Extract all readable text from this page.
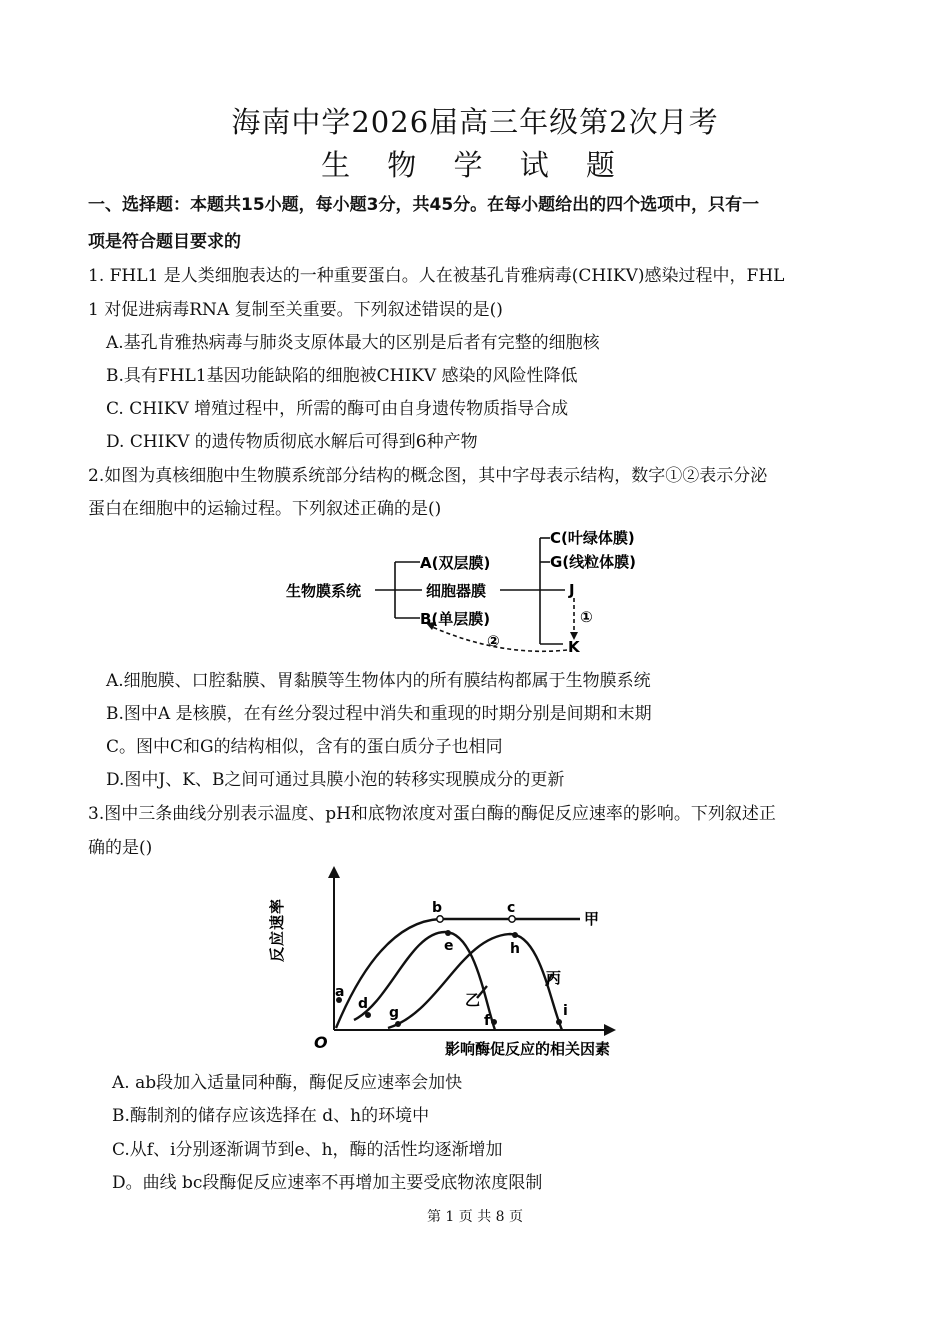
海南中学2026届高三年级第2次月考
生 物 学 试 题
一、选择题：本题共15小题，每小题3分，共45分。在每小题给出的四个选项中，只有一
项是符合题目要求的
1. FHL1 是人类细胞表达的一种重要蛋白。人在被基孔肯雅病毒(CHIKV)感染过程中，FHL
1 对促进病毒RNA 复制至关重要。下列叙述错误的是()
A.基孔肯雅热病毒与肺炎支原体最大的区别是后者有完整的细胞核
B.具有FHL1基因功能缺陷的细胞被CHIKV 感染的风险性降低
C. CHIKV 增殖过程中，所需的酶可由自身遗传物质指导合成
D. CHIKV 的遗传物质彻底水解后可得到6种产物
2.如图为真核细胞中生物膜系统部分结构的概念图，其中字母表示结构，数字①②表示分泌
蛋白在细胞中的运输过程。下列叙述正确的是()
生物膜系统
A(双层膜)
细胞器膜
B(单层膜)
C(叶绿体膜)
G(线粒体膜)
J
K
①
②
A.细胞膜、口腔黏膜、胃黏膜等生物体内的所有膜结构都属于生物膜系统
B.图中A 是核膜，在有丝分裂过程中消失和重现的时期分别是间期和末期
C。图中C和G的结构相似，含有的蛋白质分子也相同
D.图中J、K、B之间可通过具膜小泡的转移实现膜成分的更新
3.图中三条曲线分别表示温度、pH和底物浓度对蛋白酶的酶促反应速率的影响。下列叙述正
确的是()
反应速率
O	影响酶促反应的相关因素
甲
乙
丙
a
b	c
d
e
f
g
h
i
A. ab段加入适量同种酶，酶促反应速率会加快
B.酶制剂的储存应该选择在 d、h的环境中
C.从f、i分别逐渐调节到e、h，酶的活性均逐渐增加
D。曲线 bc段酶促反应速率不再增加主要受底物浓度限制
第 1 页 共 8 页
